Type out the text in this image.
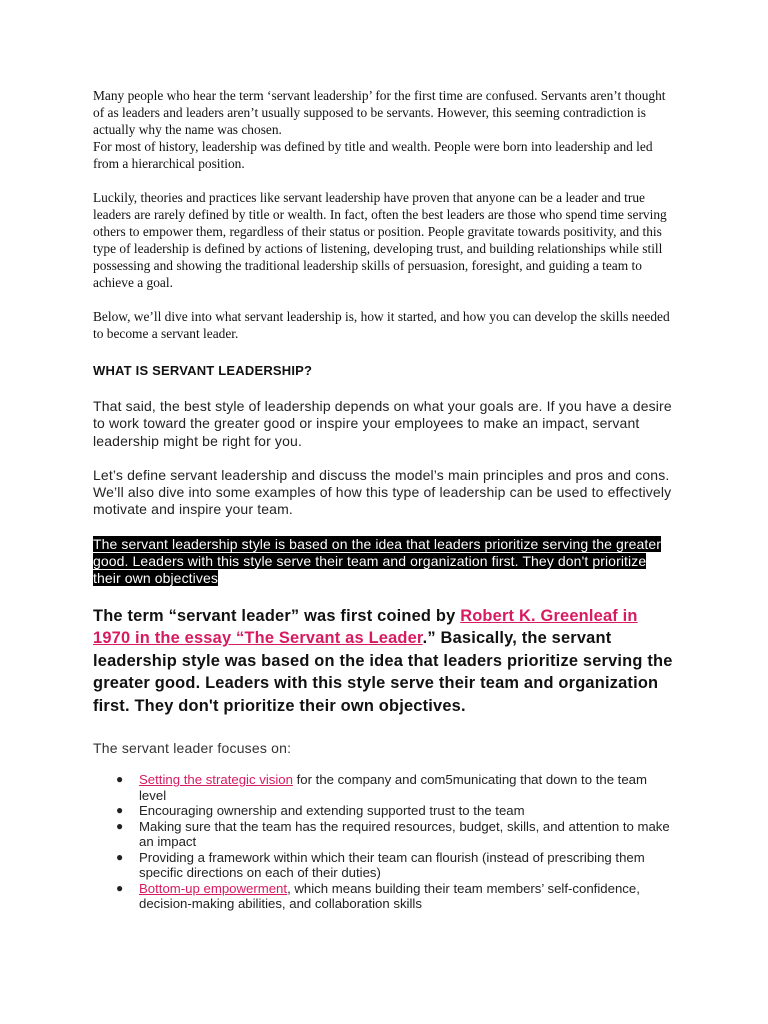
Many people who hear the term ‘servant leadership’ for the first time are confused. Servants aren’t thought of as leaders and leaders aren’t usually supposed to be servants. However, this seeming contradiction is actually why the name was chosen.

For most of history, leadership was defined by title and wealth. People were born into leadership and led from a hierarchical position.

Luckily, theories and practices like servant leadership have proven that anyone can be a leader and true leaders are rarely defined by title or wealth. In fact, often the best leaders are those who spend time serving others to empower them, regardless of their status or position. People gravitate towards positivity, and this type of leadership is defined by actions of listening, developing trust, and building relationships while still possessing and showing the traditional leadership skills of persuasion, foresight, and guiding a team to achieve a goal.

Below, we’ll dive into what servant leadership is, how it started, and how you can develop the skills needed to become a servant leader.

WHAT IS SERVANT LEADERSHIP?

That said, the best style of leadership depends on what your goals are. If you have a desire to work toward the greater good or inspire your employees to make an impact, servant leadership might be right for you.

Let’s define servant leadership and discuss the model’s main principles and pros and cons. We’ll also dive into some examples of how this type of leadership can be used to effectively motivate and inspire your team.

The servant leadership style is based on the idea that leaders prioritize serving the greater good. Leaders with this style serve their team and organization first. They don't prioritize their own objectives

The term “servant leader” was first coined by Robert K. Greenleaf in 1970 in the essay “The Servant as Leader.” Basically, the servant leadership style was based on the idea that leaders prioritize serving the greater good. Leaders with this style serve their team and organization first. They don't prioritize their own objectives.

The servant leader focuses on:

● Setting the strategic vision for the company and com5municating that down to the team level
● Encouraging ownership and extending supported trust to the team
● Making sure that the team has the required resources, budget, skills, and attention to make an impact
● Providing a framework within which their team can flourish (instead of prescribing them specific directions on each of their duties)
● Bottom-up empowerment, which means building their team members’ self-confidence, decision-making abilities, and collaboration skills
